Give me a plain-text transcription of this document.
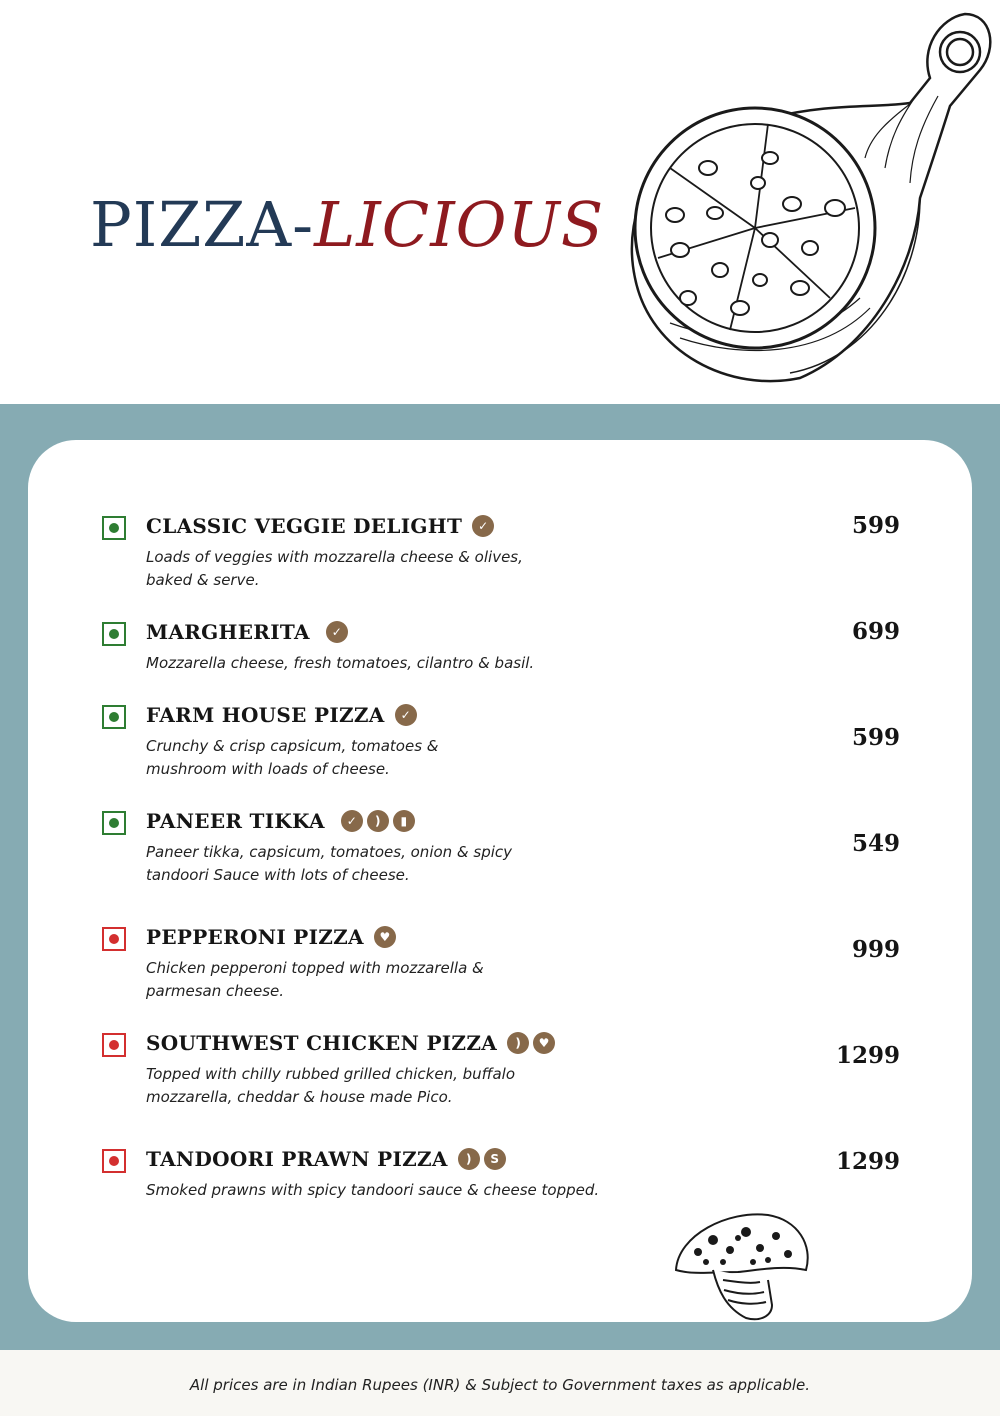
PIZZA-LICIOUS
CLASSIC VEGGIE DELIGHT	✓
Loads of veggies with mozzarella cheese & olives, baked & serve.
599
MARGHERITA	✓
Mozzarella cheese, fresh tomatoes, cilantro & basil.
699
FARM HOUSE PIZZA	✓
Crunchy & crisp capsicum, tomatoes & mushroom with loads of cheese.
599
PANEER TIKKA	✓	)	▮
Paneer tikka, capsicum, tomatoes, onion & spicy tandoori Sauce with lots of cheese.
549
PEPPERONI PIZZA	♥
Chicken pepperoni topped with mozzarella & parmesan cheese.
999
SOUTHWEST CHICKEN PIZZA	)	♥
Topped with chilly rubbed grilled chicken, buffalo mozzarella, cheddar & house made Pico.
1299
TANDOORI PRAWN PIZZA	)	S
Smoked prawns with spicy tandoori sauce & cheese topped.
1299
All prices are in Indian Rupees (INR) & Subject to Government taxes as applicable.
